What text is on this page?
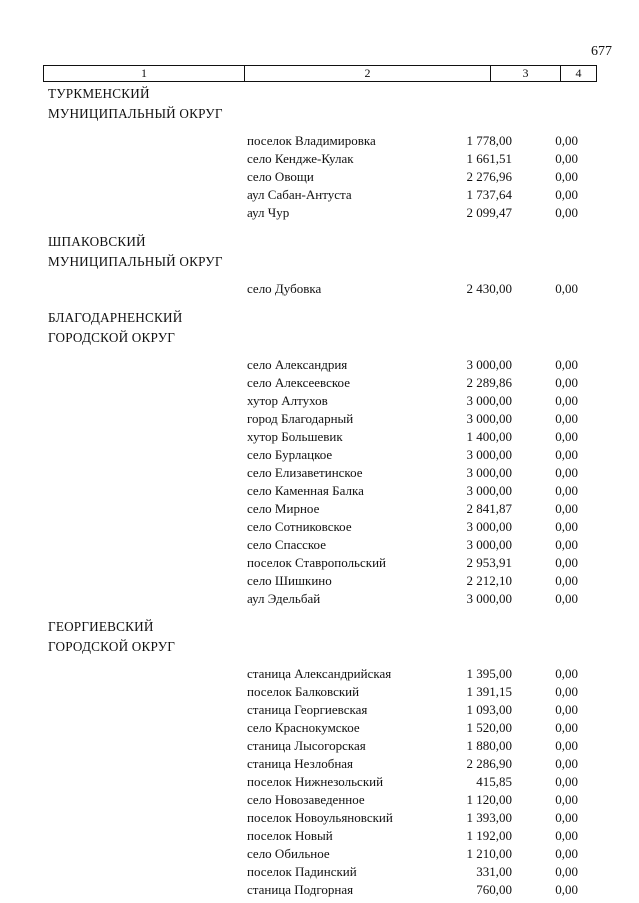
677
1	2	3	4
ТУРКМЕНСКИЙ
МУНИЦИПАЛЬНЫЙ ОКРУГ
поселок Владимировка	1 778,00	0,00
село Кендже-Кулак	1 661,51	0,00
село Овощи	2 276,96	0,00
аул Сабан-Антуста	1 737,64	0,00
аул Чур	2 099,47	0,00
ШПАКОВСКИЙ
МУНИЦИПАЛЬНЫЙ ОКРУГ
село Дубовка	2 430,00	0,00
БЛАГОДАРНЕНСКИЙ
ГОРОДСКОЙ ОКРУГ
село Александрия	3 000,00	0,00
село Алексеевское	2 289,86	0,00
хутор Алтухов	3 000,00	0,00
город Благодарный	3 000,00	0,00
хутор Большевик	1 400,00	0,00
село Бурлацкое	3 000,00	0,00
село Елизаветинское	3 000,00	0,00
село Каменная Балка	3 000,00	0,00
село Мирное	2 841,87	0,00
село Сотниковское	3 000,00	0,00
село Спасское	3 000,00	0,00
поселок Ставропольский	2 953,91	0,00
село Шишкино	2 212,10	0,00
аул Эдельбай	3 000,00	0,00
ГЕОРГИЕВСКИЙ
ГОРОДСКОЙ ОКРУГ
станица Александрийская	1 395,00	0,00
поселок Балковский	1 391,15	0,00
станица Георгиевская	1 093,00	0,00
село Краснокумское	1 520,00	0,00
станица Лысогорская	1 880,00	0,00
станица Незлобная	2 286,90	0,00
поселок Нижнезольский	415,85	0,00
село Новозаведенное	1 120,00	0,00
поселок Новоульяновский	1 393,00	0,00
поселок Новый	1 192,00	0,00
село Обильное	1 210,00	0,00
поселок Падинский	331,00	0,00
станица Подгорная	760,00	0,00
